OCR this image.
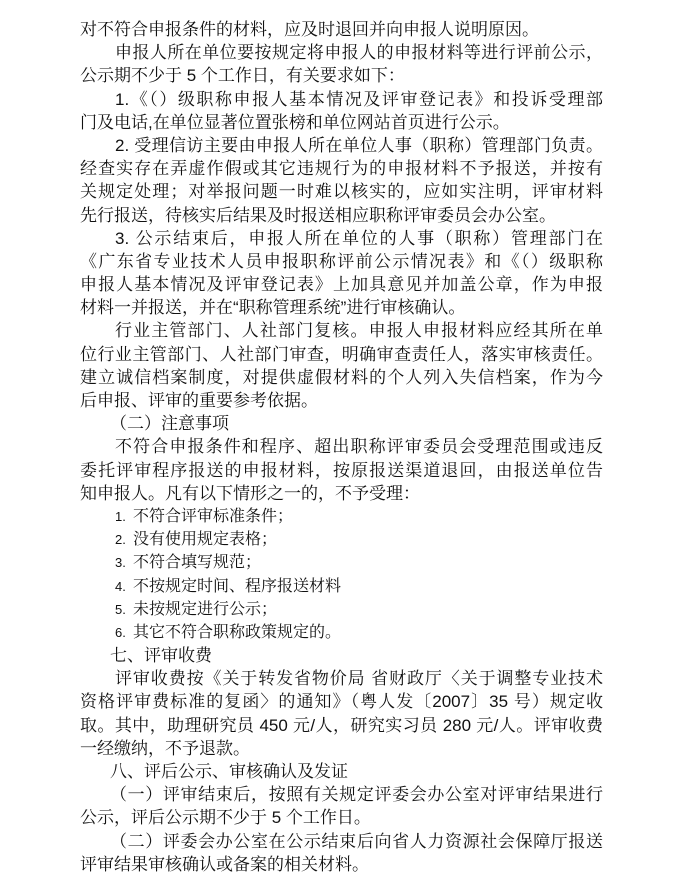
对不符合申报条件的材料，应及时退回并向申报人说明原因。
申报人所在单位要按规定将申报人的申报材料等进行评前公示，
公示期不少于 5 个工作日，有关要求如下：
1.《（）级职称申报人基本情况及评审登记表》和投诉受理部
门及电话,在单位显著位置张榜和单位网站首页进行公示。
2. 受理信访主要由申报人所在单位人事（职称）管理部门负责。
经查实存在弄虚作假或其它违规行为的申报材料不予报送，并按有
关规定处理；对举报问题一时难以核实的，应如实注明，评审材料
先行报送，待核实后结果及时报送相应职称评审委员会办公室。
3. 公示结束后，申报人所在单位的人事（职称）管理部门在
《广东省专业技术人员申报职称评前公示情况表》和《（）级职称
申报人基本情况及评审登记表》上加具意见并加盖公章，作为申报
材料一并报送，并在“职称管理系统”进行审核确认。
行业主管部门、人社部门复核。申报人申报材料应经其所在单
位行业主管部门、人社部门审查，明确审查责任人，落实审核责任。
建立诚信档案制度，对提供虚假材料的个人列入失信档案，作为今
后申报、评审的重要参考依据。
（二）注意事项
不符合申报条件和程序、超出职称评审委员会受理范围或违反
委托评审程序报送的申报材料，按原报送渠道退回，由报送单位告
知申报人。凡有以下情形之一的，不予受理：
1. 不符合评审标准条件；
2. 没有使用规定表格；
3. 不符合填写规范；
4. 不按规定时间、程序报送材料
5. 未按规定进行公示；
6. 其它不符合职称政策规定的。
七、评审收费
评审收费按《关于转发省物价局 省财政厅〈关于调整专业技术
资格评审费标准的复函〉的通知》（粤人发〔2007〕35 号）规定收
取。其中，助理研究员 450 元/人，研究实习员 280 元/人。评审收费
一经缴纳，不予退款。
八、评后公示、审核确认及发证
（一）评审结束后，按照有关规定评委会办公室对评审结果进行
公示，评后公示期不少于 5 个工作日。
（二）评委会办公室在公示结束后向省人力资源社会保障厅报送
评审结果审核确认或备案的相关材料。
